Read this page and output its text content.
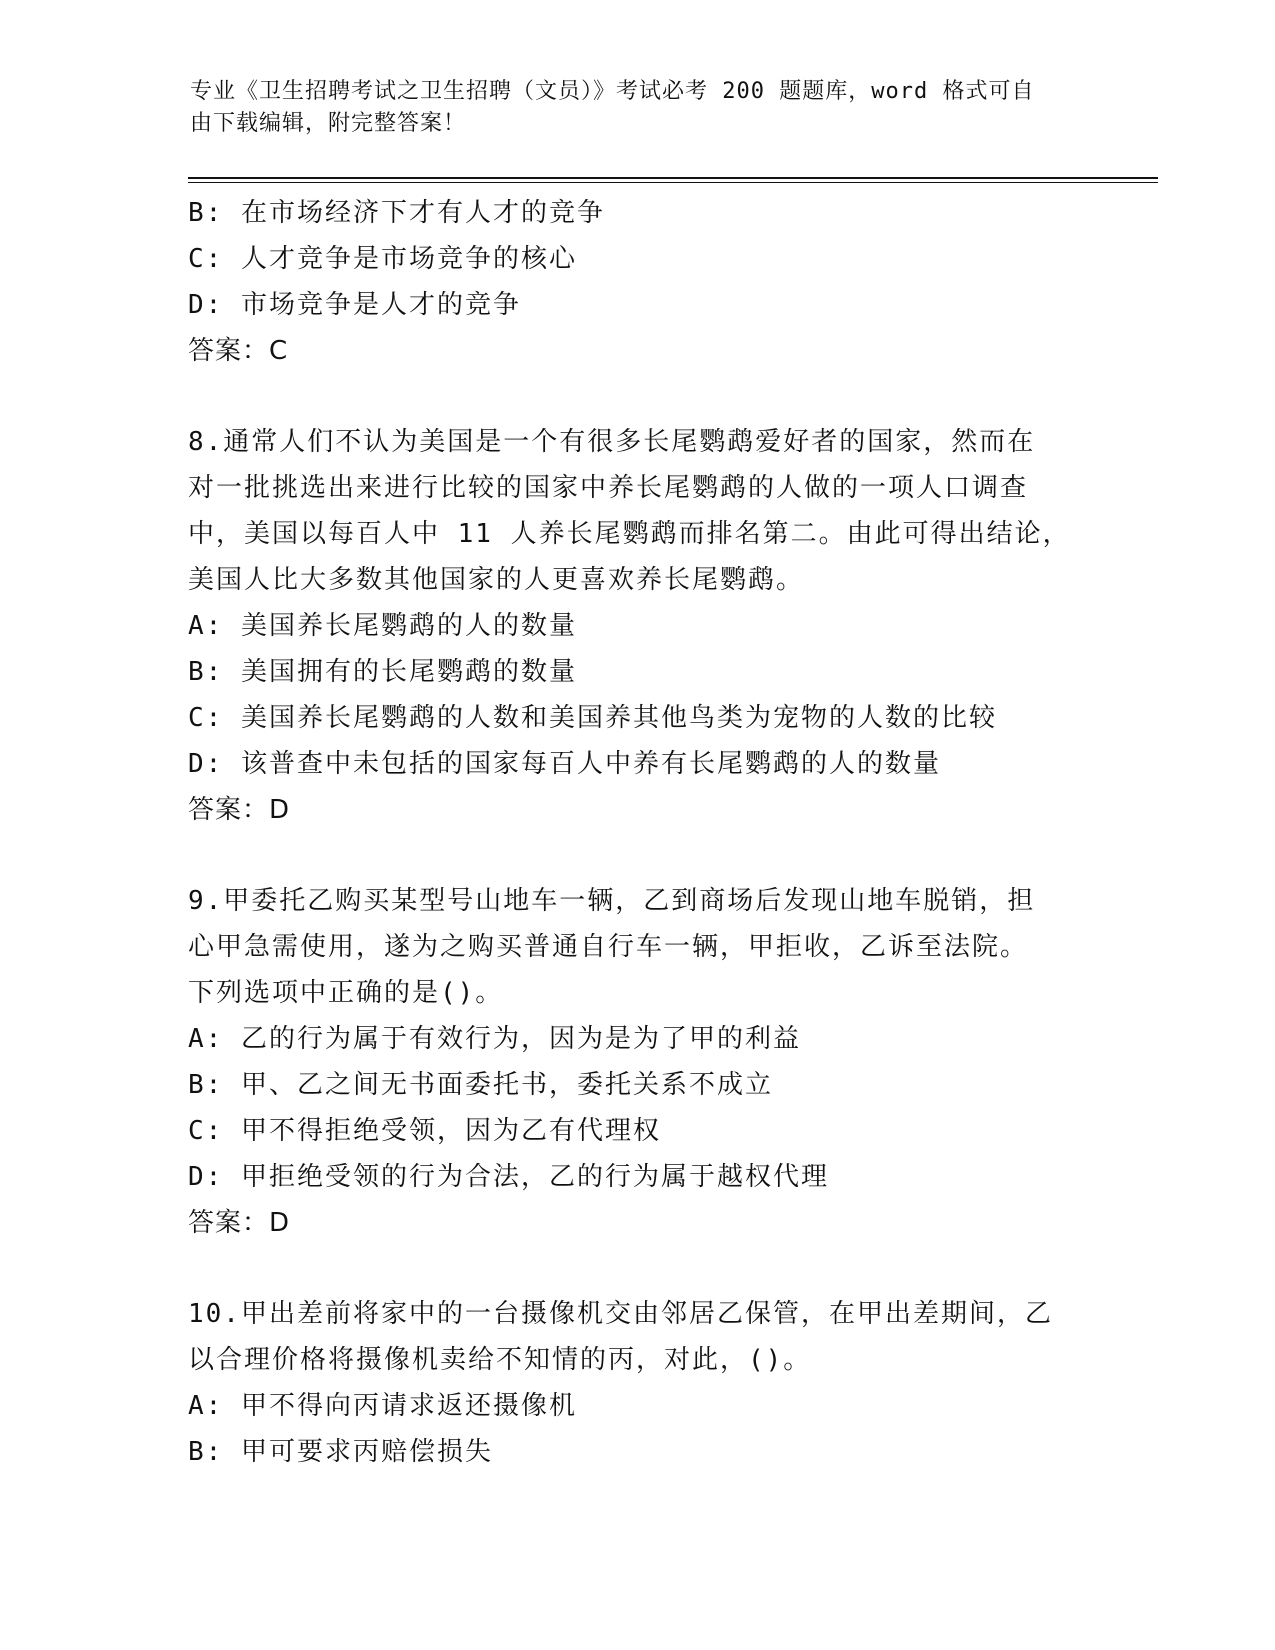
专业《卫生招聘考试之卫生招聘（文员）》考试必考 200 题题库，word 格式可自
由下载编辑，附完整答案！
B: 在市场经济下才有人才的竞争
C: 人才竞争是市场竞争的核心
D: 市场竞争是人才的竞争
答案：C
8.通常人们不认为美国是一个有很多长尾鹦鹉爱好者的国家，然而在
对一批挑选出来进行比较的国家中养长尾鹦鹉的人做的一项人口调查
中，美国以每百人中 11 人养长尾鹦鹉而排名第二。由此可得出结论，
美国人比大多数其他国家的人更喜欢养长尾鹦鹉。
A: 美国养长尾鹦鹉的人的数量
B: 美国拥有的长尾鹦鹉的数量
C: 美国养长尾鹦鹉的人数和美国养其他鸟类为宠物的人数的比较
D: 该普查中未包括的国家每百人中养有长尾鹦鹉的人的数量
答案：D
9.甲委托乙购买某型号山地车一辆，乙到商场后发现山地车脱销，担
心甲急需使用，遂为之购买普通自行车一辆，甲拒收，乙诉至法院。
下列选项中正确的是()。
A: 乙的行为属于有效行为，因为是为了甲的利益
B: 甲、乙之间无书面委托书，委托关系不成立
C: 甲不得拒绝受领，因为乙有代理权
D: 甲拒绝受领的行为合法，乙的行为属于越权代理
答案：D
10.甲出差前将家中的一台摄像机交由邻居乙保管，在甲出差期间，乙
以合理价格将摄像机卖给不知情的丙，对此，()。
A: 甲不得向丙请求返还摄像机
B: 甲可要求丙赔偿损失
